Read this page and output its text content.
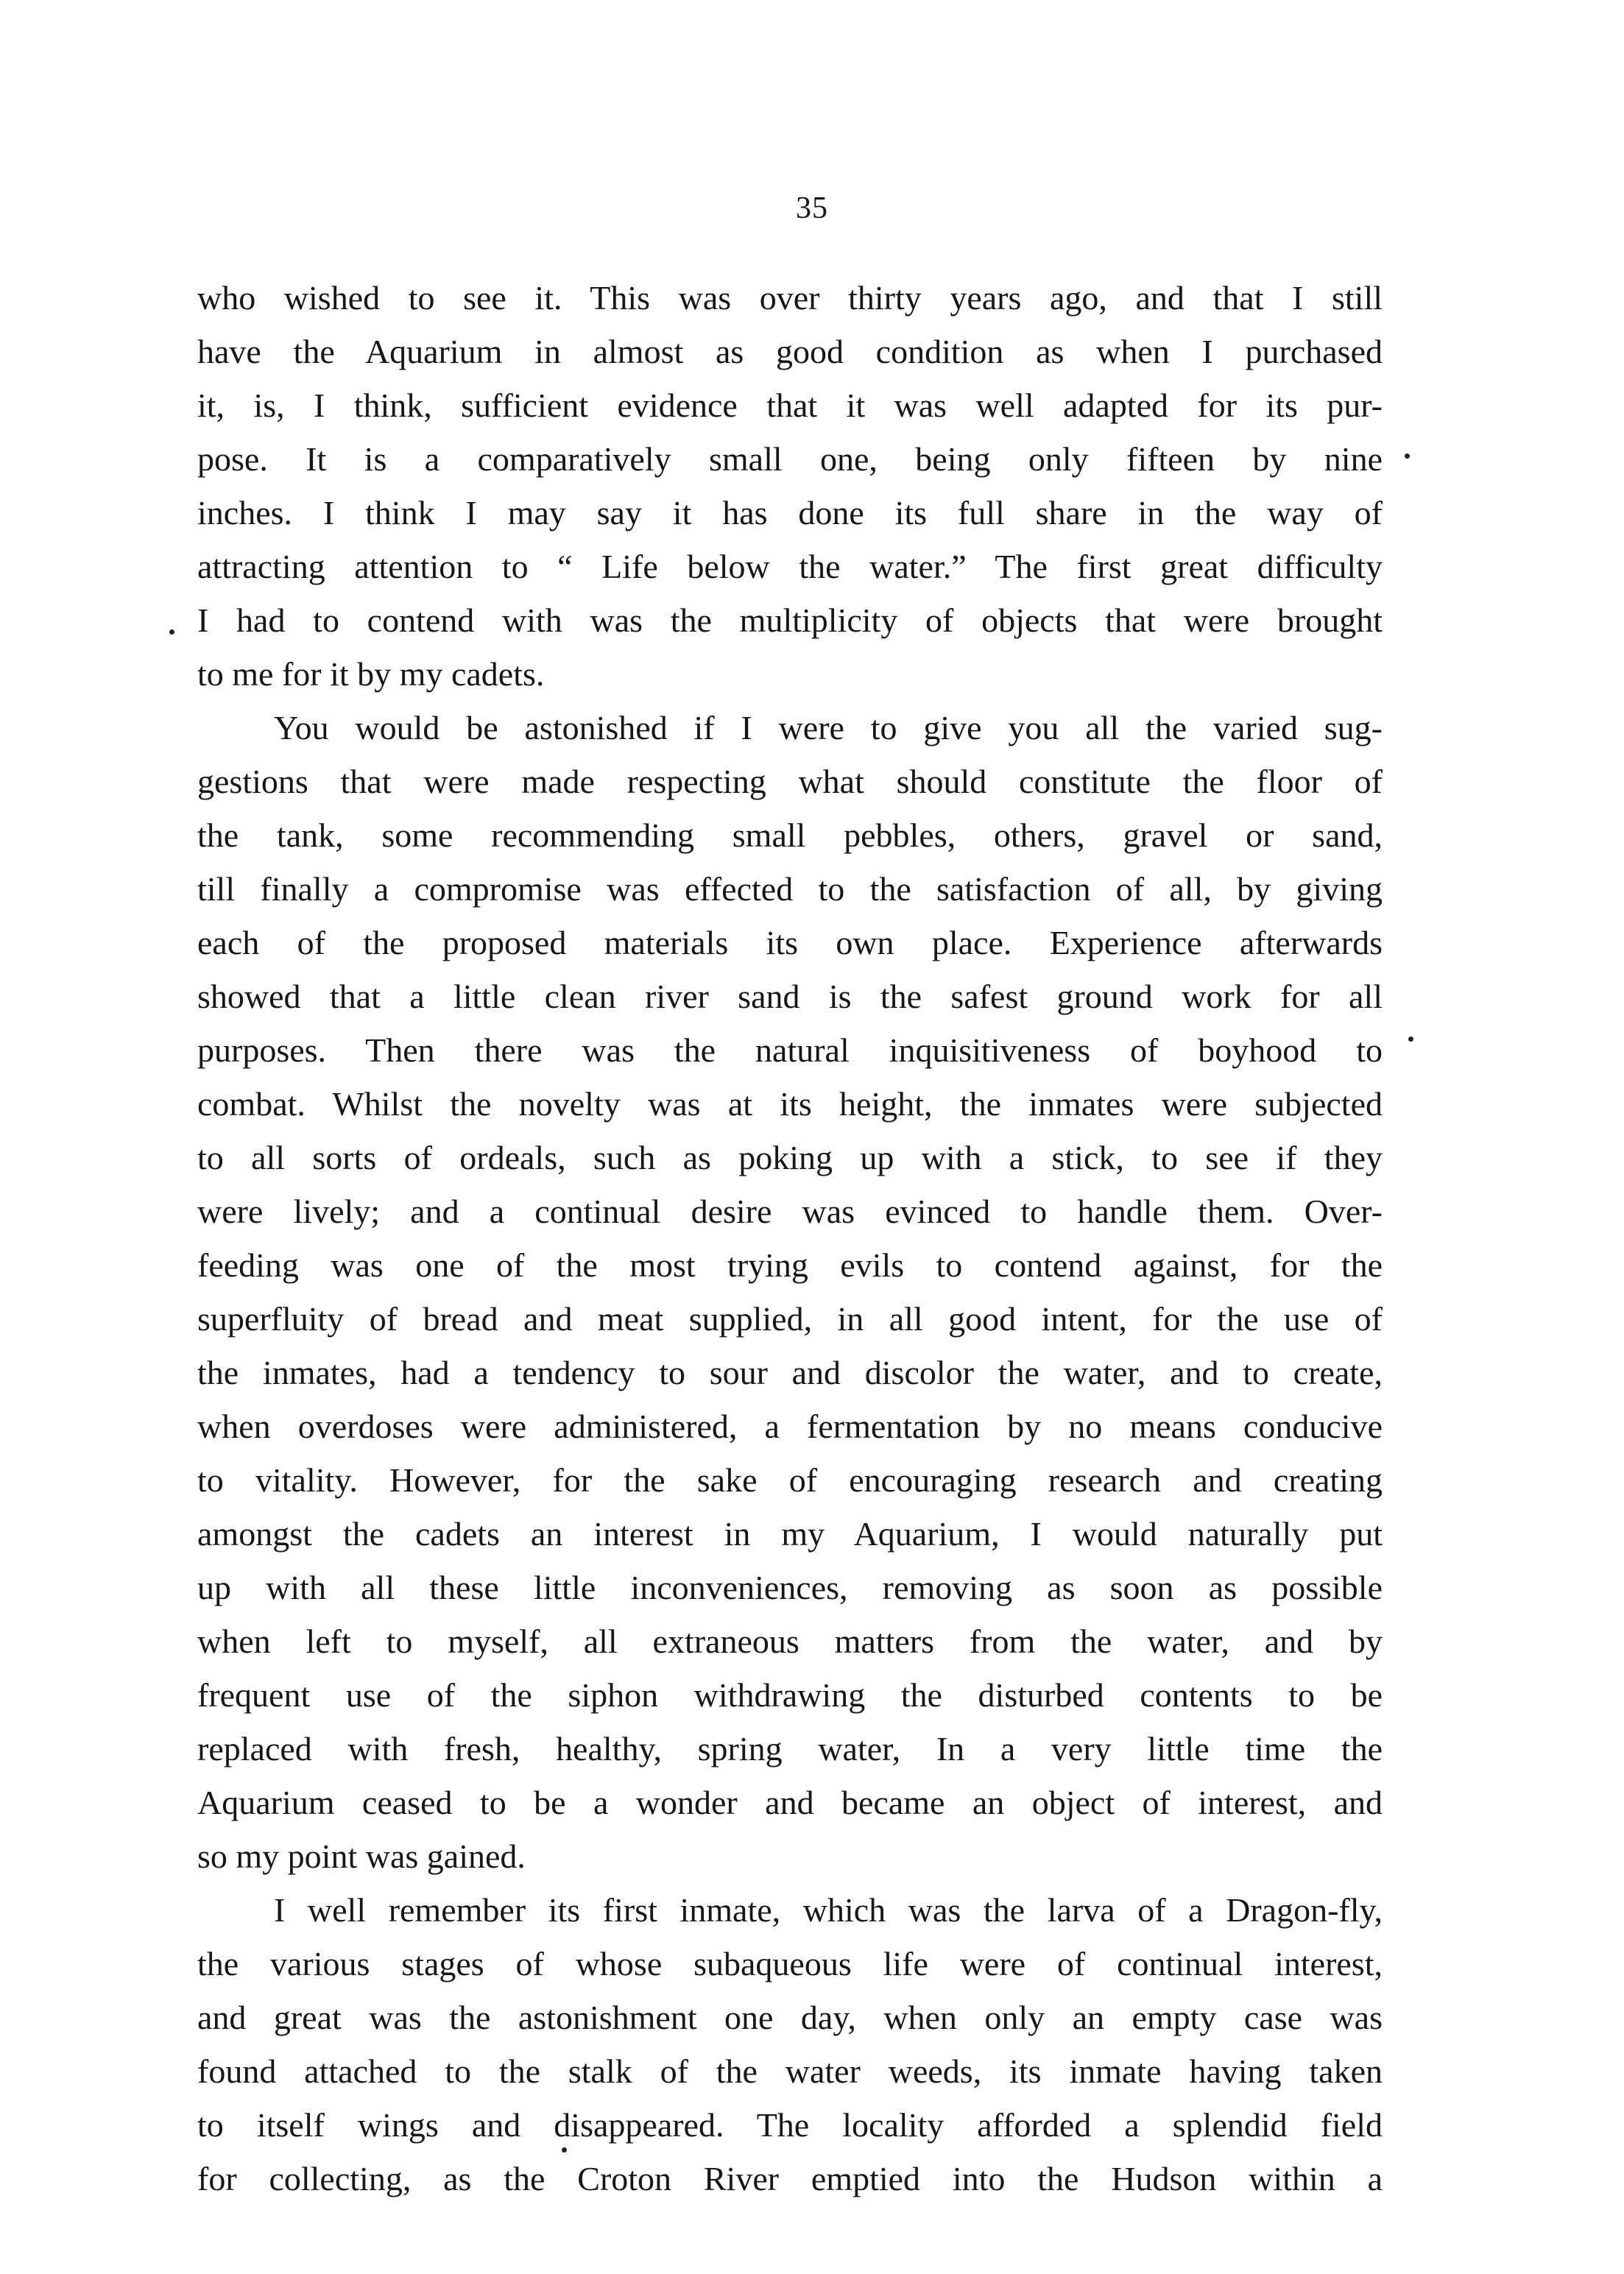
35
who wished to see it. This was over thirty years ago, and that I still
have the Aquarium in almost as good condition as when I purchased
it, is, I think, sufficient evidence that it was well adapted for its pur-
pose. It is a comparatively small one, being only fifteen by nine
inches. I think I may say it has done its full share in the way of
attracting attention to “ Life below the water.” The first great difficulty
I had to contend with was the multiplicity of objects that were brought
to me for it by my cadets.
You would be astonished if I were to give you all the varied sug-
gestions that were made respecting what should constitute the floor of
the tank, some recommending small pebbles, others, gravel or sand,
till finally a compromise was effected to the satisfaction of all, by giving
each of the proposed materials its own place. Experience afterwards
showed that a little clean river sand is the safest ground work for all
purposes. Then there was the natural inquisitiveness of boyhood to
combat. Whilst the novelty was at its height, the inmates were subjected
to all sorts of ordeals, such as poking up with a stick, to see if they
were lively; and a continual desire was evinced to handle them. Over-
feeding was one of the most trying evils to contend against, for the
superfluity of bread and meat supplied, in all good intent, for the use of
the inmates, had a tendency to sour and discolor the water, and to create,
when overdoses were administered, a fermentation by no means conducive
to vitality. However, for the sake of encouraging research and creating
amongst the cadets an interest in my Aquarium, I would naturally put
up with all these little inconveniences, removing as soon as possible
when left to myself, all extraneous matters from the water, and by
frequent use of the siphon withdrawing the disturbed contents to be
replaced with fresh, healthy, spring water, In a very little time the
Aquarium ceased to be a wonder and became an object of interest, and
so my point was gained.
I well remember its first inmate, which was the larva of a Dragon-fly,
the various stages of whose subaqueous life were of continual interest,
and great was the astonishment one day, when only an empty case was
found attached to the stalk of the water weeds, its inmate having taken
to itself wings and disappeared. The locality afforded a splendid field
for collecting, as the Croton River emptied into the Hudson within a
